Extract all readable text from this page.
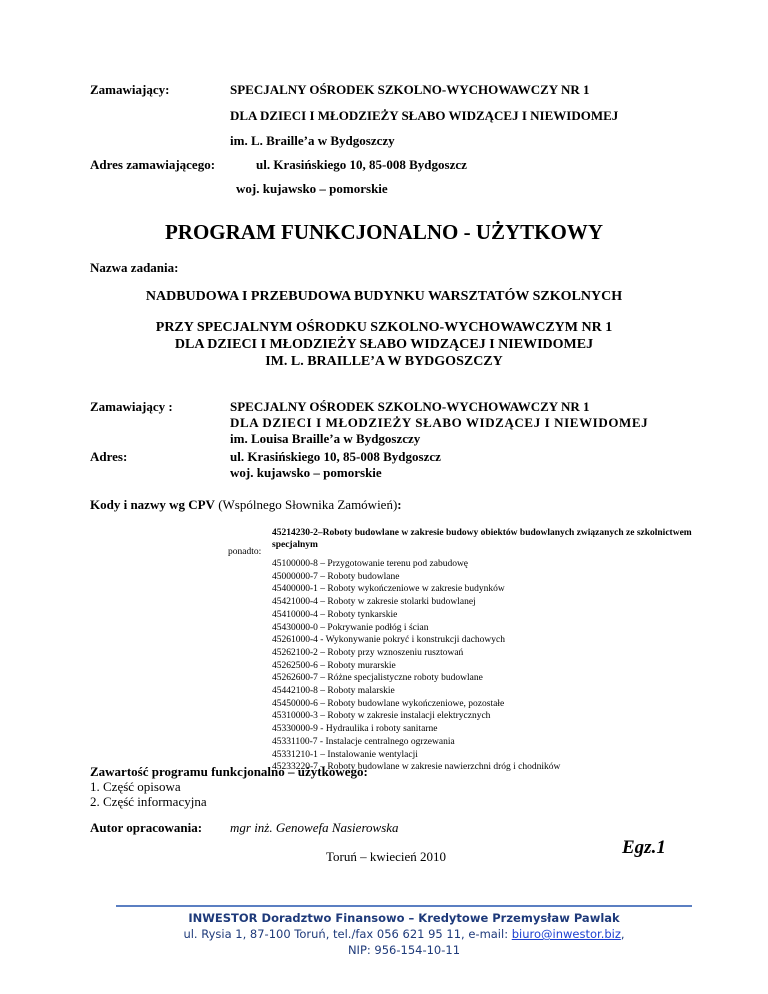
Zamawiający:	SPECJALNY OŚRODEK SZKOLNO-WYCHOWAWCZY NR 1
DLA DZIECI I MŁODZIEŻY SŁABO WIDZĄCEJ I NIEWIDOMEJ
im. L. Braille’a w Bydgoszczy
Adres zamawiającego:	ul. Krasińskiego 10, 85-008 Bydgoszcz
woj. kujawsko – pomorskie
PROGRAM FUNKCJONALNO - UŻYTKOWY
Nazwa zadania:
NADBUDOWA I PRZEBUDOWA BUDYNKU WARSZTATÓW SZKOLNYCH
PRZY SPECJALNYM OŚRODKU SZKOLNO-WYCHOWAWCZYM NR 1
DLA DZIECI I MŁODZIEŻY SŁABO WIDZĄCEJ I NIEWIDOMEJ
IM. L. BRAILLE’A W BYDGOSZCZY
Zamawiający :	SPECJALNY OŚRODEK SZKOLNO-WYCHOWAWCZY NR 1
DLA DZIECI I MŁODZIEŻY SŁABO WIDZĄCEJ I NIEWIDOMEJ
im. Louisa Braille’a w Bydgoszczy
Adres:	ul. Krasińskiego 10, 85-008 Bydgoszcz
woj. kujawsko – pomorskie
Kody i nazwy wg CPV (Wspólnego Słownika Zamówień):
45214230-2–Roboty budowlane w zakresie budowy obiektów budowlanych związanych ze szkolnictwem specjalnym
ponadto:
45100000-8 – Przygotowanie terenu pod zabudowę
45000000-7 – Roboty budowlane
45400000-1 – Roboty wykończeniowe w zakresie budynków
45421000-4 – Roboty w zakresie stolarki budowlanej
45410000-4 – Roboty tynkarskie
45430000-0 – Pokrywanie podłóg i ścian
45261000-4 - Wykonywanie pokryć i konstrukcji dachowych
45262100-2 – Roboty przy wznoszeniu rusztowań
45262500-6 – Roboty murarskie
45262600-7 – Różne specjalistyczne roboty budowlane
45442100-8 – Roboty malarskie
45450000-6 – Roboty budowlane wykończeniowe, pozostałe
45310000-3 – Roboty w zakresie instalacji elektrycznych
45330000-9 - Hydraulika i roboty sanitarne
45331100-7 - Instalacje centralnego ogrzewania
45331210-1 – Instalowanie wentylacji
45233220-7 – Roboty budowlane w zakresie nawierzchni dróg i chodników
Zawartość programu funkcjonalno – użytkowego:
1. Część opisowa
2. Część informacyjna
Autor opracowania: mgr inż. Genowefa Nasierowska
Egz.1
Toruń – kwiecień 2010
INWESTOR Doradztwo Finansowo – Kredytowe Przemysław Pawlak
ul. Rysia 1, 87-100 Toruń, tel./fax 056 621 95 11, e-mail: biuro@inwestor.biz,
NIP: 956-154-10-11
